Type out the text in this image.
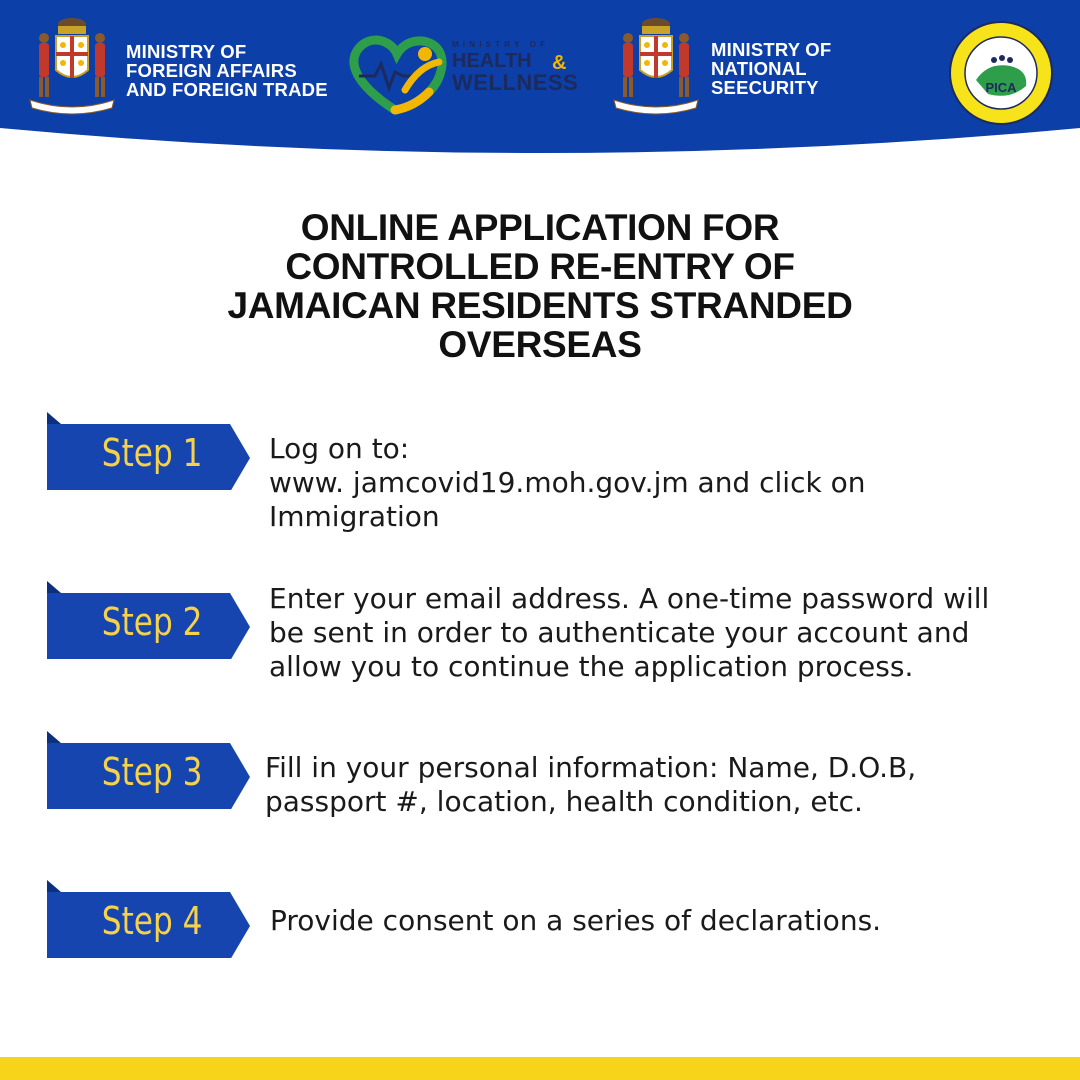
MINISTRY OF
FOREIGN AFFAIRS
AND FOREIGN TRADE
MINISTRY OF
HEALTH &
WELLNESS
MINISTRY OF
NATIONAL
SEECURITY	PICA
ONLINE APPLICATION FOR
CONTROLLED RE-ENTRY OF
JAMAICAN RESIDENTS STRANDED
OVERSEAS
Step 1 Log on to:
www. jamcovid19.moh.gov.jm and click on
Immigration
Step 2
Enter your email address. A one-time password will
be sent in order to authenticate your account and
allow you to continue the application process.
Step 3 Fill in your personal information: Name, D.O.B,
passport #, location, health condition, etc.
Step 4 Provide consent on a series of declarations.
